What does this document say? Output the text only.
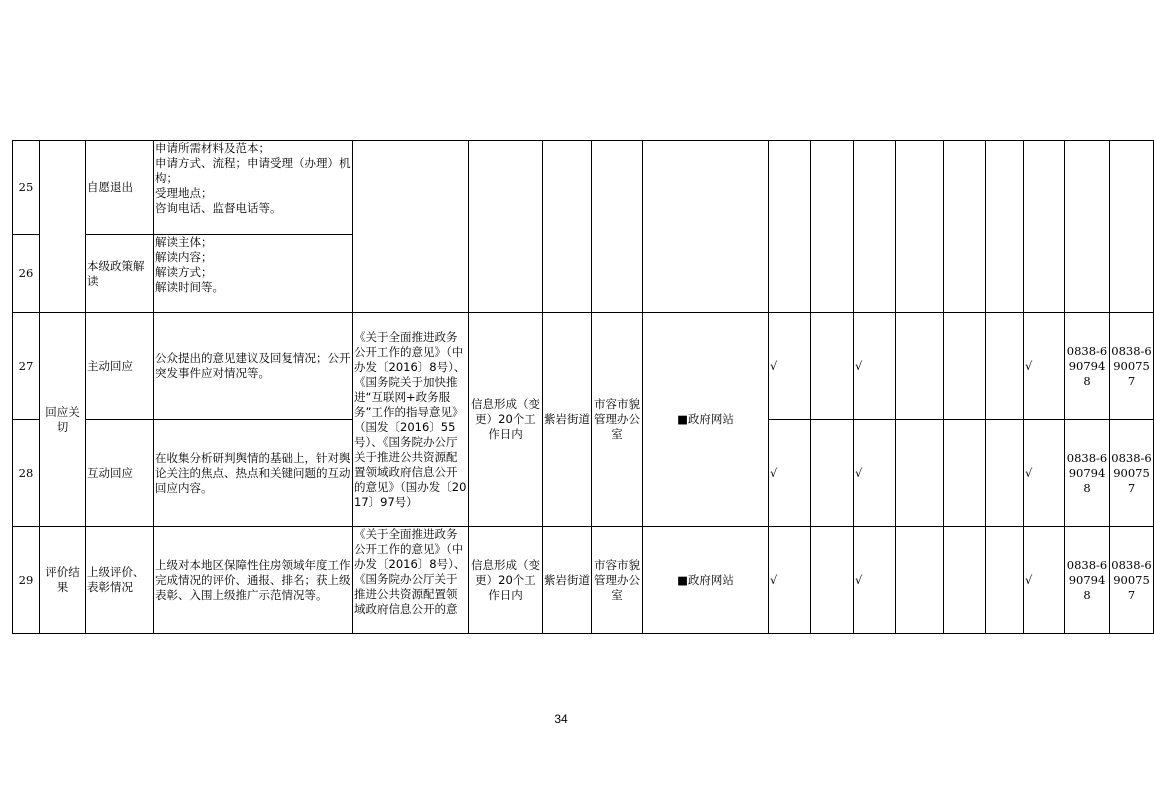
25		自愿退出	申请所需材料及范本；
申请方式、流程；申请受理（办理）机构；
受理地点；
咨询电话、监督电话等。														

26		本级政策解读	解读主体；
解读内容；
解读方式；
解读时间等。														

27	回应关切	主动回应	公众提出的意见建议及回复情况；公开突发事件应对情况等。	《关于全面推进政务公开工作的意见》（中办发〔2016〕8号）、《国务院关于加快推进“互联网+政务服务”工作的指导意见》（国发〔2016〕55号）、《国务院办公厅关于推进公共资源配置领域政府信息公开的意见》（国办发〔2017〕97号）	信息形成（变更）20个工作日内	紫岩街道	市容市貌管理办公室	■政府网站	√		√				√	0838-6907948	0838-6900757
28		互动回应	在收集分析研判舆情的基础上，针对舆论关注的焦点、热点和关键问题的互动回应内容。						√		√				√	0838-6907948	0838-6900757
29	评价结果	上级评价、表彰情况	上级对本地区保障性住房领域年度工作完成情况的评价、通报、排名；获上级表彰、入围上级推广示范情况等。	《关于全面推进政务公开工作的意见》（中办发〔2016〕8号）、《国务院办公厅关于推进公共资源配置领域政府信息公开的意	信息形成（变更）20个工作日内	紫岩街道	市容市貌管理办公室	■政府网站	√		√				√	0838-6907948	0838-6900757
34
